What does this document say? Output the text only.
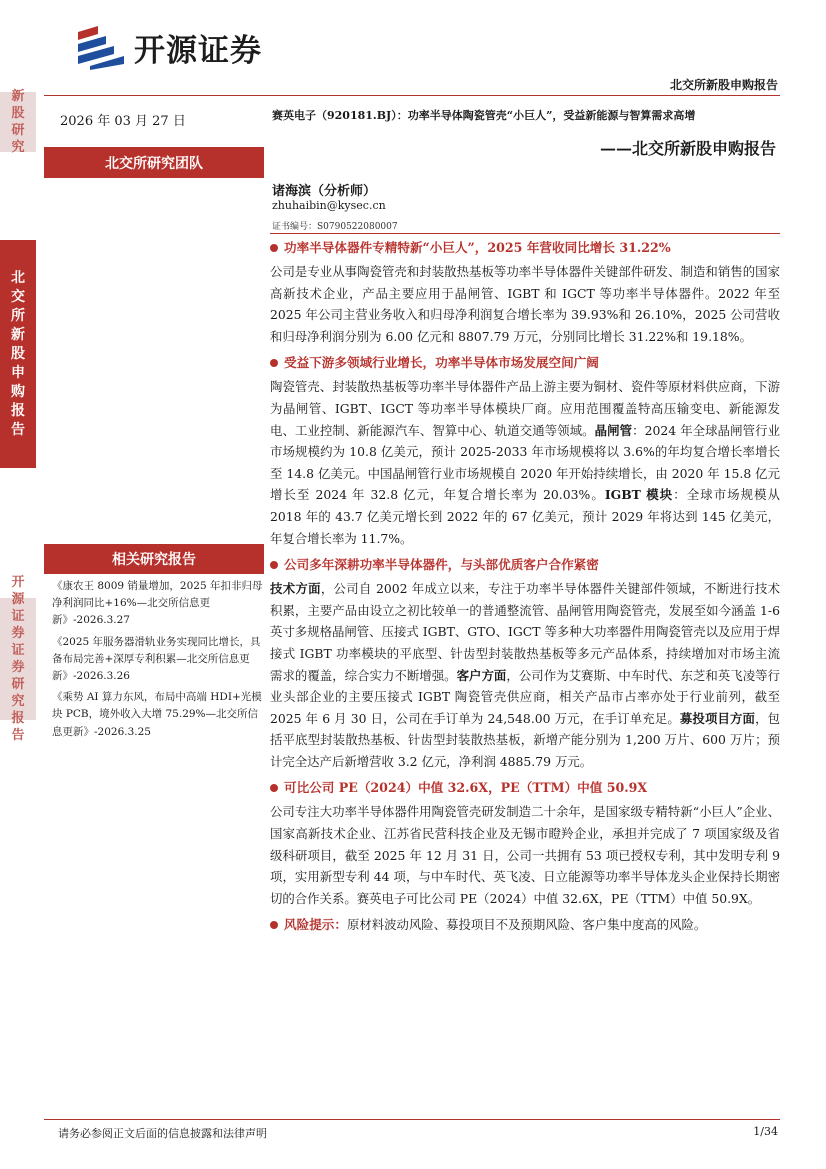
开源证券
北交所新股申购报告
新
股
研
究
北
交
所
新
股
申
购
报
告
开
源
证
券
证
券
研
究
报
告
2026 年 03 月 27 日
北交所研究团队
赛英电子（920181.BJ）：功率半导体陶瓷管壳“小巨人”，受益新能源与智算需求高增
——北交所新股申购报告
诸海滨（分析师）
zhuhaibin@kysec.cn
证书编号：S0790522080007
相关研究报告
《康农王 8009 销量增加，2025 年扣非归母净利润同比+16%—北交所信息更新》-2026.3.27
《2025 年服务器滑轨业务实现同比增长，具备布局完善+深厚专利积累—北交所信息更新》-2026.3.26
《乘势 AI 算力东风，布局中高端 HDI+光模块 PCB，境外收入大增 75.29%—北交所信息更新》-2026.3.25
功率半导体器件专精特新“小巨人”，2025 年营收同比增长 31.22%
公司是专业从事陶瓷管壳和封装散热基板等功率半导体器件关键部件研发、制造和销售的国家高新技术企业，产品主要应用于晶闸管、IGBT 和 IGCT 等功率半导体器件。2022 年至 2025 年公司主营业务收入和归母净利润复合增长率为 39.93%和 26.10%，2025 公司营收和归母净利润分别为 6.00 亿元和 8807.79 万元，分别同比增长 31.22%和 19.18%。
受益下游多领域行业增长，功率半导体市场发展空间广阔
陶瓷管壳、封装散热基板等功率半导体器件产品上游主要为铜材、瓷件等原材料供应商，下游为晶闸管、IGBT、IGCT 等功率半导体模块厂商。应用范围覆盖特高压输变电、新能源发电、工业控制、新能源汽车、智算中心、轨道交通等领域。晶闸管：2024 年全球晶闸管行业市场规模约为 10.8 亿美元，预计 2025-2033 年市场规模将以 3.6%的年均复合增长率增长至 14.8 亿美元。中国晶闸管行业市场规模自 2020 年开始持续增长，由 2020 年 15.8 亿元增长至 2024 年 32.8 亿元，年复合增长率为 20.03%。IGBT 模块：全球市场规模从 2018 年的 43.7 亿美元增长到 2022 年的 67 亿美元，预计 2029 年将达到 145 亿美元，年复合增长率为 11.7%。
公司多年深耕功率半导体器件，与头部优质客户合作紧密
技术方面，公司自 2002 年成立以来，专注于功率半导体器件关键部件领域，不断进行技术积累，主要产品由设立之初比较单一的普通整流管、晶闸管用陶瓷管壳，发展至如今涵盖 1-6 英寸多规格晶闸管、压接式 IGBT、GTO、IGCT 等多种大功率器件用陶瓷管壳以及应用于焊接式 IGBT 功率模块的平底型、针齿型封装散热基板等多元产品体系，持续增加对市场主流需求的覆盖，综合实力不断增强。客户方面，公司作为艾赛斯、中车时代、东芝和英飞凌等行业头部企业的主要压接式 IGBT 陶瓷管壳供应商，相关产品市占率亦处于行业前列，截至 2025 年 6 月 30 日，公司在手订单为 24,548.00 万元，在手订单充足。募投项目方面，包括平底型封装散热基板、针齿型封装散热基板，新增产能分别为 1,200 万片、600 万片；预计完全达产后新增营收 3.2 亿元，净利润 4885.79 万元。
可比公司 PE（2024）中值 32.6X，PE（TTM）中值 50.9X
公司专注大功率半导体器件用陶瓷管壳研发制造二十余年，是国家级专精特新“小巨人”企业、国家高新技术企业、江苏省民营科技企业及无锡市瞪羚企业，承担并完成了 7 项国家级及省级科研项目，截至 2025 年 12 月 31 日，公司一共拥有 53 项已授权专利，其中发明专利 9 项，实用新型专利 44 项，与中车时代、英飞凌、日立能源等功率半导体龙头企业保持长期密切的合作关系。赛英电子可比公司 PE（2024）中值 32.6X，PE（TTM）中值 50.9X。
风险提示： 原材料波动风险、募投项目不及预期风险、客户集中度高的风险。
请务必参阅正文后面的信息披露和法律声明	1/34
